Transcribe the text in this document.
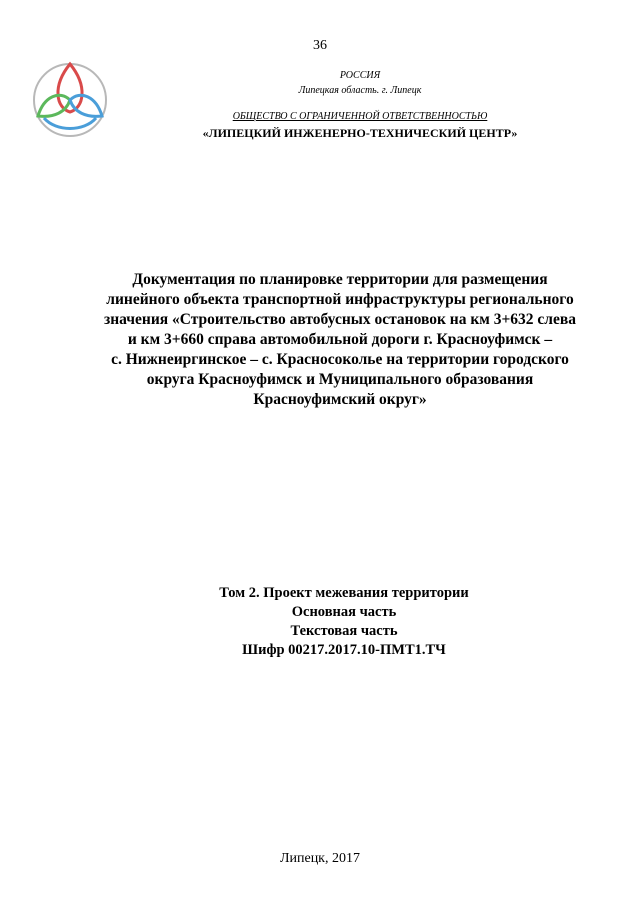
36
РОССИЯ
Липецкая область. г. Липецк
ОБЩЕСТВО С ОГРАНИЧЕННОЙ ОТВЕТСТВЕННОСТЬЮ
«ЛИПЕЦКИЙ ИНЖЕНЕРНО-ТЕХНИЧЕСКИЙ ЦЕНТР»
Документация по планировке территории для размещения
линейного объекта транспортной инфраструктуры регионального
значения «Строительство автобусных остановок на км 3+632 слева
и км 3+660 справа автомобильной дороги г. Красноуфимск –
с. Нижнеиргинское – с. Красносокольe на территории городского
округа Красноуфимск и Муниципального образования
Красноуфимский округ»
Том 2. Проект межевания территории
Основная часть
Текстовая часть
Шифр 00217.2017.10-ПМТ1.ТЧ
Липецк, 2017
